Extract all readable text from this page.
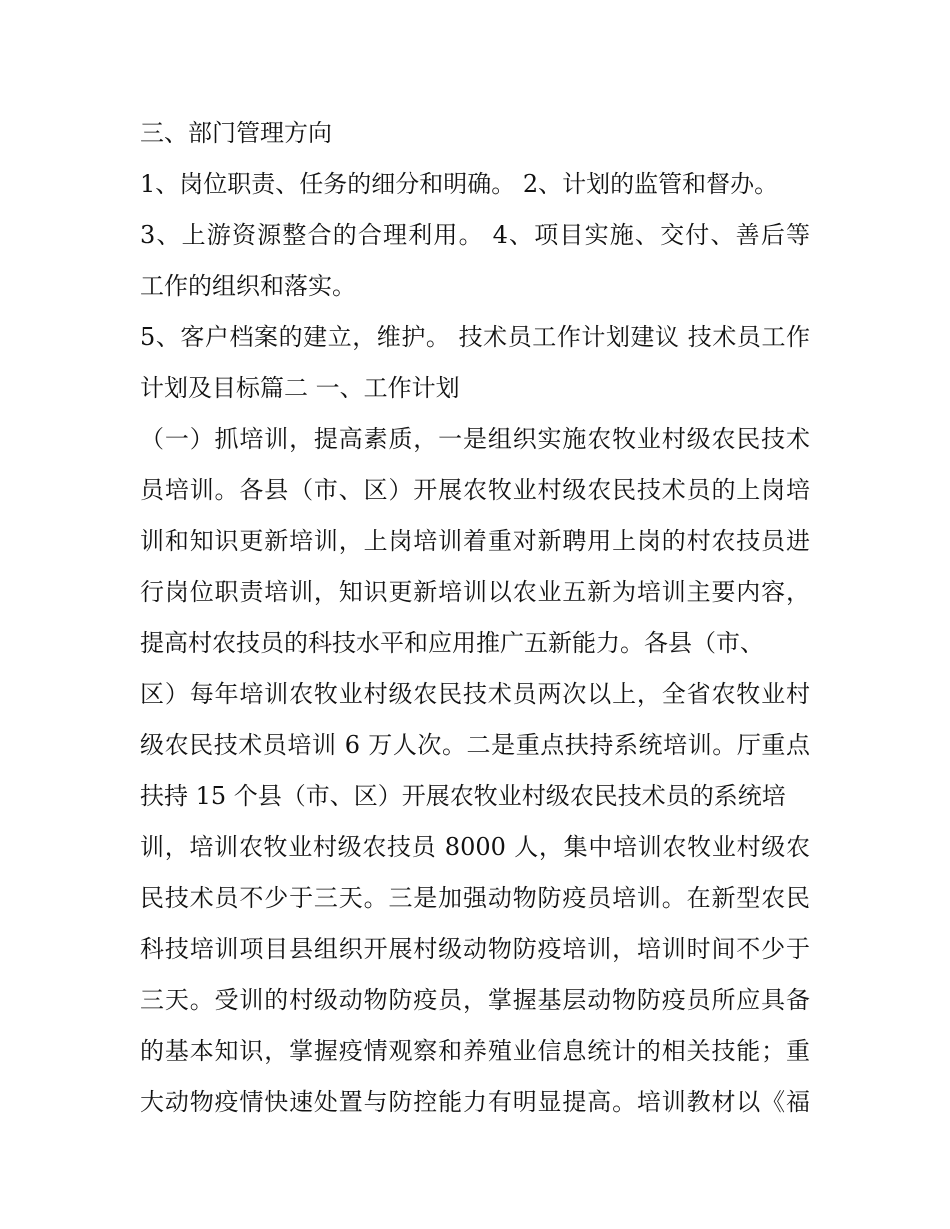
三、部门管理方向
1、岗位职责、任务的细分和明确。 2、计划的监管和督办。
3、上游资源整合的合理利用。 4、项目实施、交付、善后等
工作的组织和落实。
5、客户档案的建立，维护。 技术员工作计划建议 技术员工作
计划及目标篇二 一、工作计划
（一）抓培训，提高素质，一是组织实施农牧业村级农民技术
员培训。各县（市、区）开展农牧业村级农民技术员的上岗培
训和知识更新培训，上岗培训着重对新聘用上岗的村农技员进
行岗位职责培训，知识更新培训以农业五新为培训主要内容，
提高村农技员的科技水平和应用推广五新能力。各县（市、
区）每年培训农牧业村级农民技术员两次以上，全省农牧业村
级农民技术员培训 6 万人次。二是重点扶持系统培训。厅重点
扶持 15 个县（市、区）开展农牧业村级农民技术员的系统培
训，培训农牧业村级农技员 8000 人，集中培训农牧业村级农
民技术员不少于三天。三是加强动物防疫员培训。在新型农民
科技培训项目县组织开展村级动物防疫培训，培训时间不少于
三天。受训的村级动物防疫员，掌握基层动物防疫员所应具备
的基本知识，掌握疫情观察和养殖业信息统计的相关技能；重
大动物疫情快速处置与防控能力有明显提高。培训教材以《福
